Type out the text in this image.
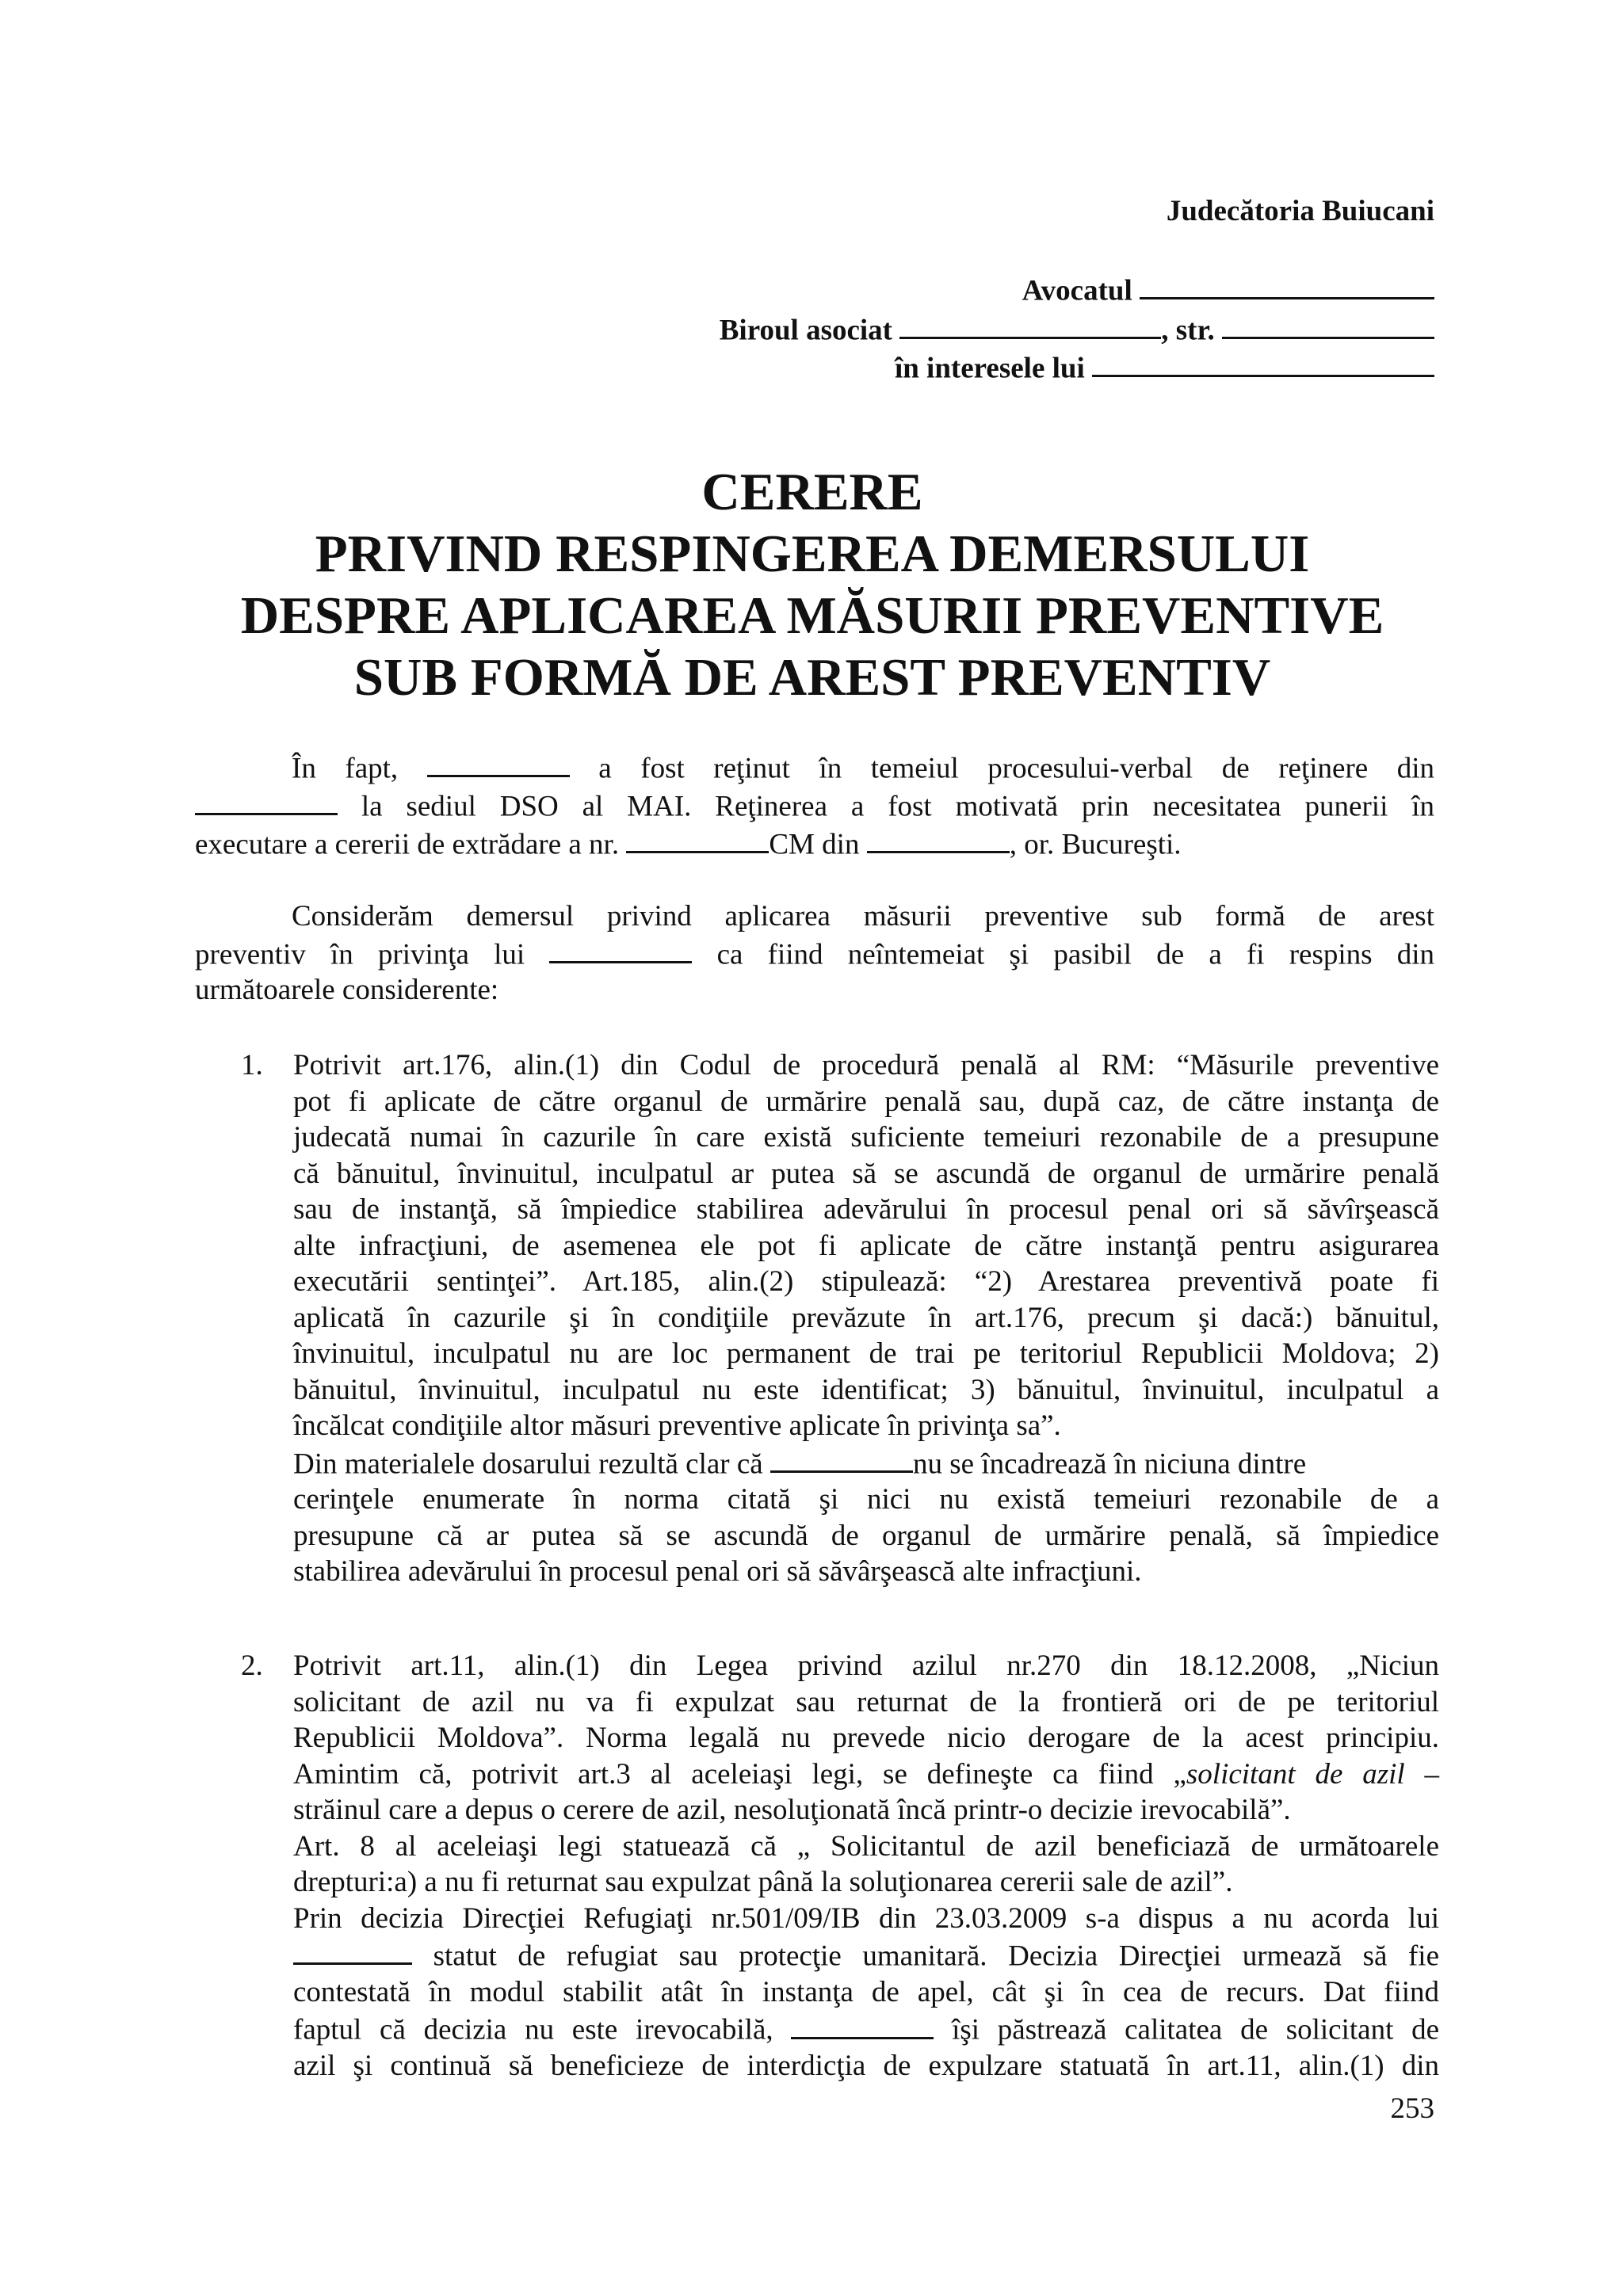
Judecătoria Buiucani
Avocatul
Biroul asociat	, str.
în interesele lui
CERERE
PRIVIND RESPINGEREA DEMERSULUI
DESPRE APLICAREA MĂSURII PREVENTIVE
SUB FORMĂ DE AREST PREVENTIV
În fapt,	a fost reţinut în temeiul procesului-verbal de reţinere din
la sediul DSO al MAI. Reţinerea a fost motivată prin necesitatea punerii în
executare a cererii de extrădare a nr.	CM din	, or. Bucureşti.
Considerăm demersul privind aplicarea măsurii preventive sub formă de arest
preventiv în privinţa lui	ca fiind neîntemeiat şi pasibil de a fi respins din
următoarele considerente:
1. Potrivit art.176, alin.(1) din Codul de procedură penală al RM: “Măsurile preventive
pot fi aplicate de către organul de urmărire penală sau, după caz, de către instanţa de
judecată numai în cazurile în care există suficiente temeiuri rezonabile de a presupune
că bănuitul, învinuitul, inculpatul ar putea să se ascundă de organul de urmărire penală
sau de instanţă, să împiedice stabilirea adevărului în procesul penal ori să săvîrşească
alte infracţiuni, de asemenea ele pot fi aplicate de către instanţă pentru asigurarea
executării sentinţei”. Art.185, alin.(2) stipulează: “2) Arestarea preventivă poate fi
aplicată în cazurile şi în condiţiile prevăzute în art.176, precum şi dacă:) bănuitul,
învinuitul, inculpatul nu are loc permanent de trai pe teritoriul Republicii Moldova; 2)
bănuitul, învinuitul, inculpatul nu este identificat; 3) bănuitul, învinuitul, inculpatul a
încălcat condiţiile altor măsuri preventive aplicate în privinţa sa”.
Din materialele dosarului rezultă clar că	nu se încadrează în niciuna dintre
cerinţele enumerate în norma citată şi nici nu există temeiuri rezonabile de a
presupune că ar putea să se ascundă de organul de urmărire penală, să împiedice
stabilirea adevărului în procesul penal ori să săvârşească alte infracţiuni.
2. Potrivit art.11, alin.(1) din Legea privind azilul nr.270 din 18.12.2008, „Niciun
solicitant de azil nu va fi expulzat sau returnat de la frontieră ori de pe teritoriul
Republicii Moldova”. Norma legală nu prevede nicio derogare de la acest principiu.
Amintim că, potrivit art.3 al aceleiaşi legi, se defineşte ca fiind „solicitant de azil –
străinul care a depus o cerere de azil, nesoluţionată încă printr-o decizie irevocabilă”.
Art. 8 al aceleiaşi legi statuează că „ Solicitantul de azil beneficiază de următoarele
drepturi:a) a nu fi returnat sau expulzat până la soluţionarea cererii sale de azil”.
Prin decizia Direcţiei Refugiaţi nr.501/09/IB din 23.03.2009 s-a dispus a nu acorda lui
statut de refugiat sau protecţie umanitară. Decizia Direcţiei urmează să fie
contestată în modul stabilit atât în instanţa de apel, cât şi în cea de recurs. Dat fiind
faptul că decizia nu este irevocabilă,	îşi păstrează calitatea de solicitant de
azil şi continuă să beneficieze de interdicţia de expulzare statuată în art.11, alin.(1) din
253
